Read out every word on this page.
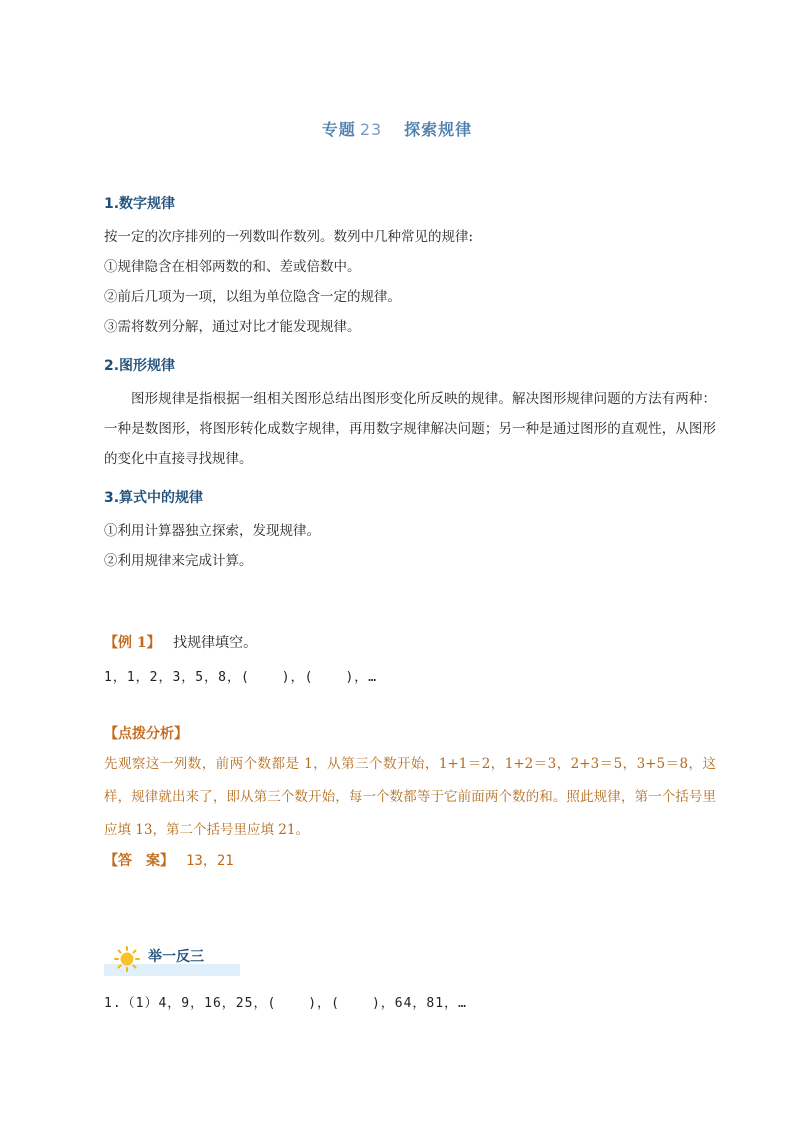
专题 23 探索规律
1.数字规律
按一定的次序排列的一列数叫作数列。数列中几种常见的规律:
①规律隐含在相邻两数的和、差或倍数中。
②前后几项为一项，以组为单位隐含一定的规律。
③需将数列分解，通过对比才能发现规律。
2.图形规律
图形规律是指根据一组相关图形总结出图形变化所反映的规律。解决图形规律问题的方法有两种：一种是数图形，将图形转化成数字规律，再用数字规律解决问题；另一种是通过图形的直观性，从图形的变化中直接寻找规律。
3.算式中的规律
①利用计算器独立探索，发现规律。
②利用规律来完成计算。
【例 1】 找规律填空。
1，1，2，3，5，8，( )，( )，…
【点拨分析】
先观察这一列数，前两个数都是 1，从第三个数开始，1+1＝2，1+2＝3，2+3＝5，3+5＝8，这样，规律就出来了，即从第三个数开始，每一个数都等于它前面两个数的和。照此规律，第一个括号里应填 13，第二个括号里应填 21。
【答　案】 13，21
举一反三
1.（1）4，9，16，25，( )，( )，64，81，…
